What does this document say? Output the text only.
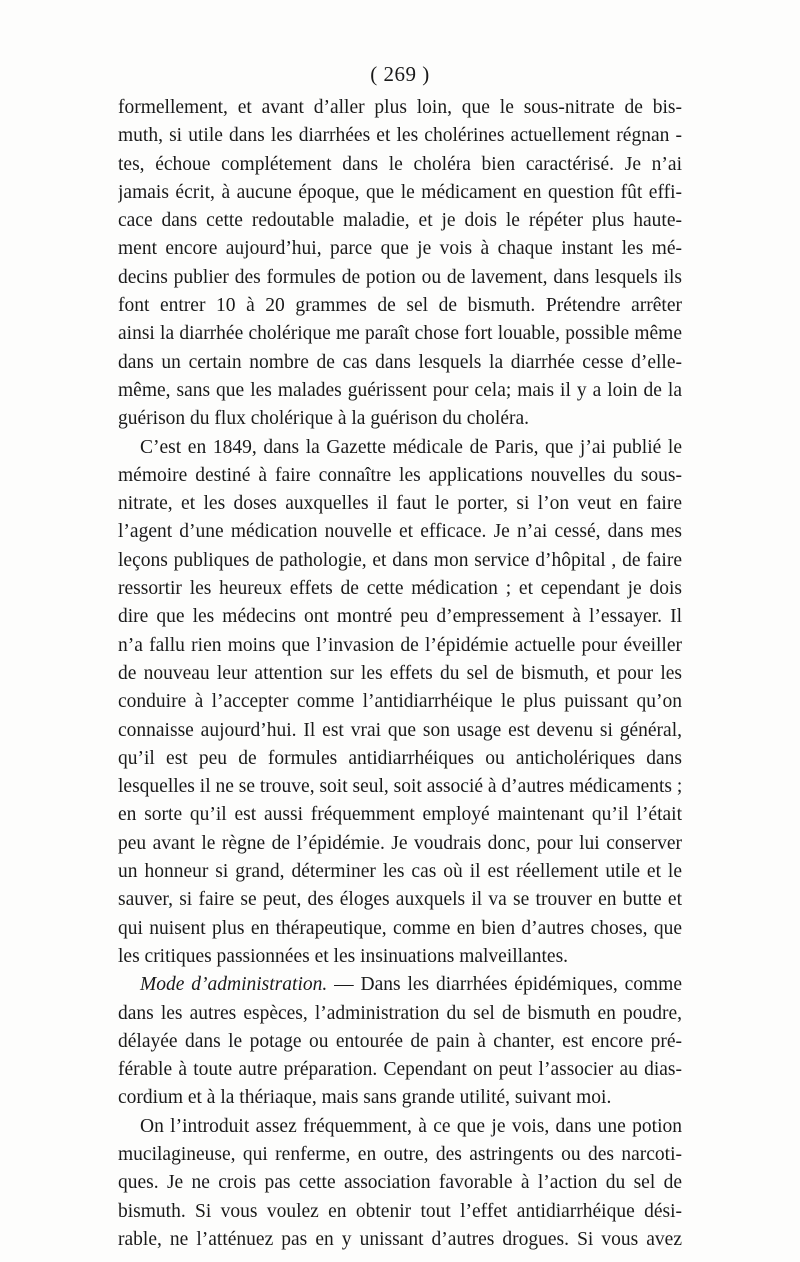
( 269 )
formellement, et avant d’aller plus loin, que le sous-nitrate de bis-
muth, si utile dans les diarrhées et les cholérines actuellement régnan -
tes, échoue complétement dans le choléra bien caractérisé. Je n’ai
jamais écrit, à aucune époque, que le médicament en question fût effi-
cace dans cette redoutable maladie, et je dois le répéter plus haute-
ment encore aujourd’hui, parce que je vois à chaque instant les mé-
decins publier des formules de potion ou de lavement, dans lesquels ils
font entrer 10 à 20 grammes de sel de bismuth. Prétendre arrêter
ainsi la diarrhée cholérique me paraît chose fort louable, possible même
dans un certain nombre de cas dans lesquels la diarrhée cesse d’elle-
même, sans que les malades guérissent pour cela; mais il y a loin de la
guérison du flux cholérique à la guérison du choléra.
C’est en 1849, dans la Gazette médicale de Paris, que j’ai publié le
mémoire destiné à faire connaître les applications nouvelles du sous-
nitrate, et les doses auxquelles il faut le porter, si l’on veut en faire
l’agent d’une médication nouvelle et efficace. Je n’ai cessé, dans mes
leçons publiques de pathologie, et dans mon service d’hôpital , de faire
ressortir les heureux effets de cette médication ; et cependant je dois
dire que les médecins ont montré peu d’empressement à l’essayer. Il
n’a fallu rien moins que l’invasion de l’épidémie actuelle pour éveiller
de nouveau leur attention sur les effets du sel de bismuth, et pour les
conduire à l’accepter comme l’antidiarrhéique le plus puissant qu’on
connaisse aujourd’hui. Il est vrai que son usage est devenu si général,
qu’il est peu de formules antidiarrhéiques ou anticholériques dans
lesquelles il ne se trouve, soit seul, soit associé à d’autres médicaments ;
en sorte qu’il est aussi fréquemment employé maintenant qu’il l’était
peu avant le règne de l’épidémie. Je voudrais donc, pour lui conserver
un honneur si grand, déterminer les cas où il est réellement utile et le
sauver, si faire se peut, des éloges auxquels il va se trouver en butte et
qui nuisent plus en thérapeutique, comme en bien d’autres choses, que
les critiques passionnées et les insinuations malveillantes.
Mode d’administration. — Dans les diarrhées épidémiques, comme
dans les autres espèces, l’administration du sel de bismuth en poudre,
délayée dans le potage ou entourée de pain à chanter, est encore pré-
férable à toute autre préparation. Cependant on peut l’associer au dias-
cordium et à la thériaque, mais sans grande utilité, suivant moi.
On l’introduit assez fréquemment, à ce que je vois, dans une potion
mucilagineuse, qui renferme, en outre, des astringents ou des narcoti-
ques. Je ne crois pas cette association favorable à l’action du sel de
bismuth. Si vous voulez en obtenir tout l’effet antidiarrhéique dési-
rable, ne l’atténuez pas en y unissant d’autres drogues. Si vous avez
